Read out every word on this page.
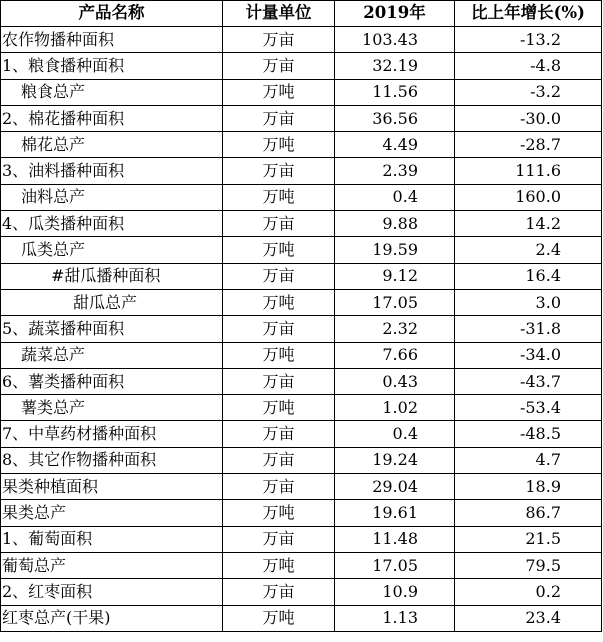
产品名称	计量单位	2019年	比上年增长(%)
农作物播种面积	万亩	103.43	-13.2
1、粮食播种面积	万亩	32.19	-4.8
粮食总产	万吨	11.56	-3.2
2、棉花播种面积	万亩	36.56	-30.0
棉花总产	万吨	4.49	-28.7
3、油料播种面积	万亩	2.39	111.6
油料总产	万吨	0.4	160.0
4、瓜类播种面积	万亩	9.88	14.2
瓜类总产	万吨	19.59	2.4
#甜瓜播种面积	万亩	9.12	16.4
甜瓜总产	万吨	17.05	3.0
5、蔬菜播种面积	万亩	2.32	-31.8
蔬菜总产	万吨	7.66	-34.0
6、薯类播种面积	万亩	0.43	-43.7
薯类总产	万吨	1.02	-53.4
7、中草药材播种面积	万亩	0.4	-48.5
8、其它作物播种面积	万亩	19.24	4.7
果类种植面积	万亩	29.04	18.9
果类总产	万吨	19.61	86.7
1、葡萄面积	万亩	11.48	21.5
葡萄总产	万吨	17.05	79.5
2、红枣面积	万亩	10.9	0.2
红枣总产(干果)	万吨	1.13	23.4
